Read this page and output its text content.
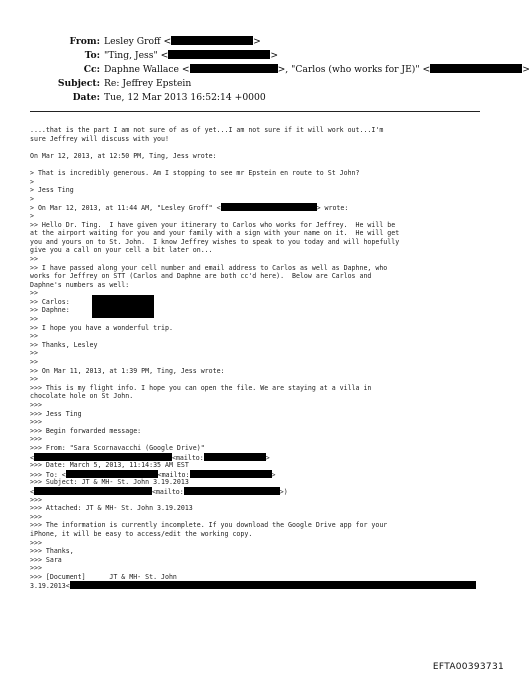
From: Lesley Groff <	>
To: "Ting, Jess" <	>
Cc: Daphne Wallace <	>, "Carlos (who works for JE)" <	>
Subject: Re: Jeffrey Epstein
Date: Tue, 12 Mar 2013 16:52:14 +0000
....that is the part I am not sure of as of yet...I am not sure if it will work out...I'm
sure Jeffrey will discuss with you!
On Mar 12, 2013, at 12:50 PM, Ting, Jess wrote:
> That is incredibly generous. Am I stopping to see mr Epstein en route to St John?
>
> Jess Ting
>
> On Mar 12, 2013, at 11:44 AM, "Lesley Groff" <	> wrote:
>
>> Hello Dr. Ting.  I have given your itinerary to Carlos who works for Jeffrey.  He will be
at the airport waiting for you and your family with a sign with your name on it.  He will get
you and yours on to St. John.  I know Jeffrey wishes to speak to you today and will hopefully
give you a call on your cell a bit later on...
>>
>> I have passed along your cell number and email address to Carlos as well as Daphne, who
works for Jeffrey on STT (Carlos and Daphne are both cc'd here).  Below are Carlos and
Daphne's numbers as well:
>>
>> Carlos:
>> Daphne:
>>
>> I hope you have a wonderful trip.
>>
>> Thanks, Lesley
>>
>>
>> On Mar 11, 2013, at 1:39 PM, Ting, Jess wrote:
>>
>>> This is my flight info. I hope you can open the file. We are staying at a villa in
chocolate hole on St John.
>>>
>>> Jess Ting
>>>
>>> Begin forwarded message:
>>>
>>> From: "Sara Scornavacchi (Google Drive)"
<	<mailto:	>
>>> Date: March 5, 2013, 11:14:35 AM EST
>>> To: <	<mailto:	>
>>> Subject: JT & MH- St. John 3.19.2013
<	<mailto:	>)
>>>
>>> Attached: JT & MH- St. John 3.19.2013
>>>
>>> The information is currently incomplete. If you download the Google Drive app for your
iPhone, it will be easy to access/edit the working copy.
>>>
>>> Thanks,
>>> Sara
>>>
>>> [Document]      JT & MH- St. John
3.19.2013<
EFTA00393731
